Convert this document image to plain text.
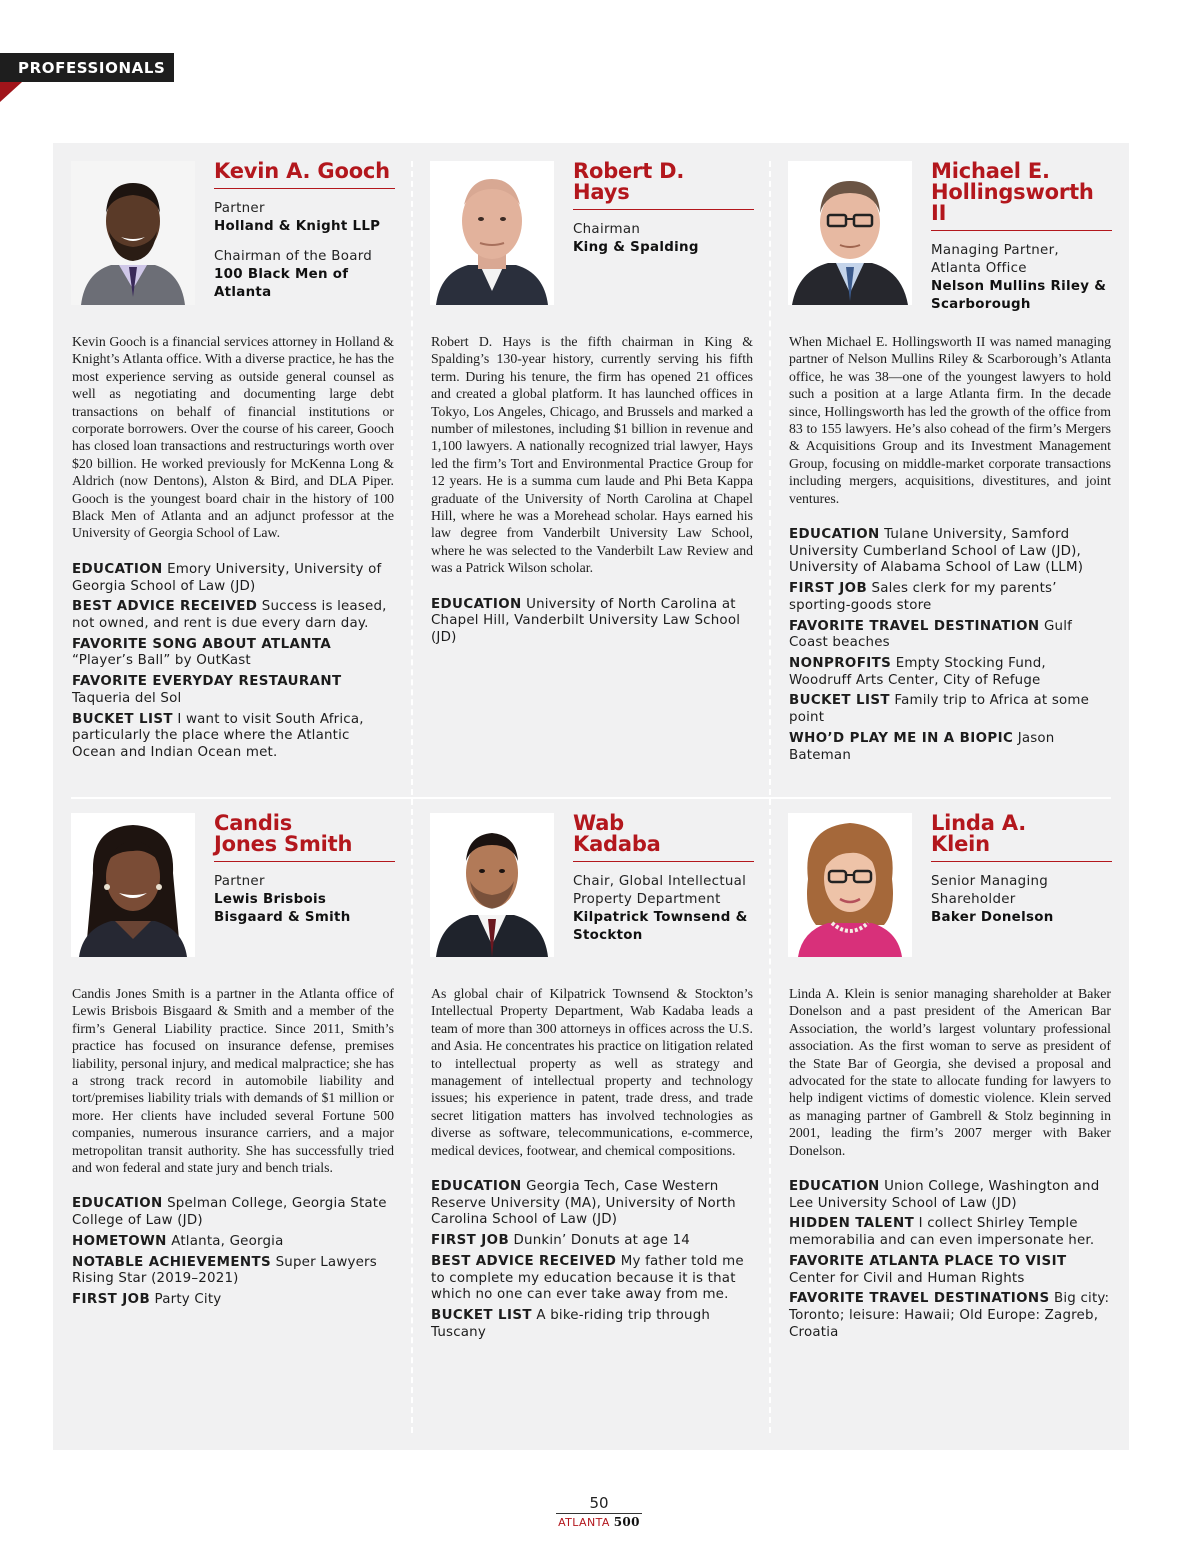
PROFESSIONALS
Kevin A. Gooch
Partner
Holland & Knight LLP
Chairman of the Board
100 Black Men of Atlanta
Kevin Gooch is a financial services attorney in Holland & Knight’s Atlanta office. With a diverse practice, he has the most experience serving as outside general counsel as well as negotiating and documenting large debt transactions on behalf of financial institutions or corporate borrowers. Over the course of his career, Gooch has closed loan transactions and restructurings worth over $20 billion. He worked previously for McKenna Long & Aldrich (now Dentons), Alston & Bird, and DLA Piper. Gooch is the youngest board chair in the history of 100 Black Men of Atlanta and an adjunct professor at the University of Georgia School of Law.
EDUCATION Emory University, University of Georgia School of Law (JD)
BEST ADVICE RECEIVED Success is leased, not owned, and rent is due every darn day.
FAVORITE SONG ABOUT ATLANTA “Player’s Ball” by OutKast
FAVORITE EVERYDAY RESTAURANT Taqueria del Sol
BUCKET LIST I want to visit South Africa, particularly the place where the Atlantic Ocean and Indian Ocean met.
Robert D.
Hays
Chairman
King & Spalding
Robert D. Hays is the fifth chairman in King & Spalding’s 130-year history, currently serving his fifth term. During his tenure, the firm has opened 21 offices and created a global platform. It has launched offices in Tokyo, Los Angeles, Chicago, and Brussels and marked a number of milestones, including $1 billion in revenue and 1,100 lawyers. A nationally recognized trial lawyer, Hays led the firm’s Tort and Environmental Practice Group for 12 years. He is a summa cum laude and Phi Beta Kappa graduate of the University of North Carolina at Chapel Hill, where he was a Morehead scholar. Hays earned his law degree from Vanderbilt University Law School, where he was selected to the Vanderbilt Law Review and was a Patrick Wilson scholar.
EDUCATION University of North Carolina at Chapel Hill, Vanderbilt University Law School (JD)
Michael E.
Hollingsworth II
Managing Partner, Atlanta Office
Nelson Mullins Riley & Scarborough
When Michael E. Hollingsworth II was named managing partner of Nelson Mullins Riley & Scarborough’s Atlanta office, he was 38—one of the youngest lawyers to hold such a position at a large Atlanta firm. In the decade since, Hollingsworth has led the growth of the office from 83 to 155 lawyers. He’s also cohead of the firm’s Mergers & Acquisitions Group and its Investment Management Group, focusing on middle-market corporate transactions including mergers, acquisitions, divestitures, and joint ventures.
EDUCATION Tulane University, Samford University Cumberland School of Law (JD), University of Alabama School of Law (LLM)
FIRST JOB Sales clerk for my parents’ sporting-goods store
FAVORITE TRAVEL DESTINATION Gulf Coast beaches
NONPROFITS Empty Stocking Fund, Woodruff Arts Center, City of Refuge
BUCKET LIST Family trip to Africa at some point
WHO’D PLAY ME IN A BIOPIC Jason Bateman
Candis
Jones Smith
Partner
Lewis Brisbois Bisgaard & Smith
Candis Jones Smith is a partner in the Atlanta office of Lewis Brisbois Bisgaard & Smith and a member of the firm’s General Liability practice. Since 2011, Smith’s practice has focused on insurance defense, premises liability, personal injury, and medical malpractice; she has a strong track record in automobile liability and tort/premises liability trials with demands of $1 million or more. Her clients have included several Fortune 500 companies, numerous insurance carriers, and a major metropolitan transit authority. She has successfully tried and won federal and state jury and bench trials.
EDUCATION Spelman College, Georgia State College of Law (JD)
HOMETOWN Atlanta, Georgia
NOTABLE ACHIEVEMENTS Super Lawyers Rising Star (2019–2021)
FIRST JOB Party City
Wab
Kadaba
Chair, Global Intellectual Property Department
Kilpatrick Townsend & Stockton
As global chair of Kilpatrick Townsend & Stockton’s Intellectual Property Department, Wab Kadaba leads a team of more than 300 attorneys in offices across the U.S. and Asia. He concentrates his practice on litigation related to intellectual property as well as strategy and management of intellectual property and technology issues; his experience in patent, trade dress, and trade secret litigation matters has involved technologies as diverse as software, telecommunications, e-commerce, medical devices, footwear, and chemical compositions.
EDUCATION Georgia Tech, Case Western Reserve University (MA), University of North Carolina School of Law (JD)
FIRST JOB Dunkin’ Donuts at age 14
BEST ADVICE RECEIVED My father told me to complete my education because it is that which no one can ever take away from me.
BUCKET LIST A bike-riding trip through Tuscany
Linda A.
Klein
Senior Managing Shareholder
Baker Donelson
Linda A. Klein is senior managing shareholder at Baker Donelson and a past president of the American Bar Association, the world’s largest voluntary professional association. As the first woman to serve as president of the State Bar of Georgia, she devised a proposal and advocated for the state to allocate funding for lawyers to help indigent victims of domestic violence. Klein served as managing partner of Gambrell & Stolz beginning in 2001, leading the firm’s 2007 merger with Baker Donelson.
EDUCATION Union College, Washington and Lee University School of Law (JD)
HIDDEN TALENT I collect Shirley Temple memorabilia and can even impersonate her.
FAVORITE ATLANTA PLACE TO VISIT Center for Civil and Human Rights
FAVORITE TRAVEL DESTINATIONS Big city: Toronto; leisure: Hawaii; Old Europe: Zagreb, Croatia
50
ATLANTA 500
